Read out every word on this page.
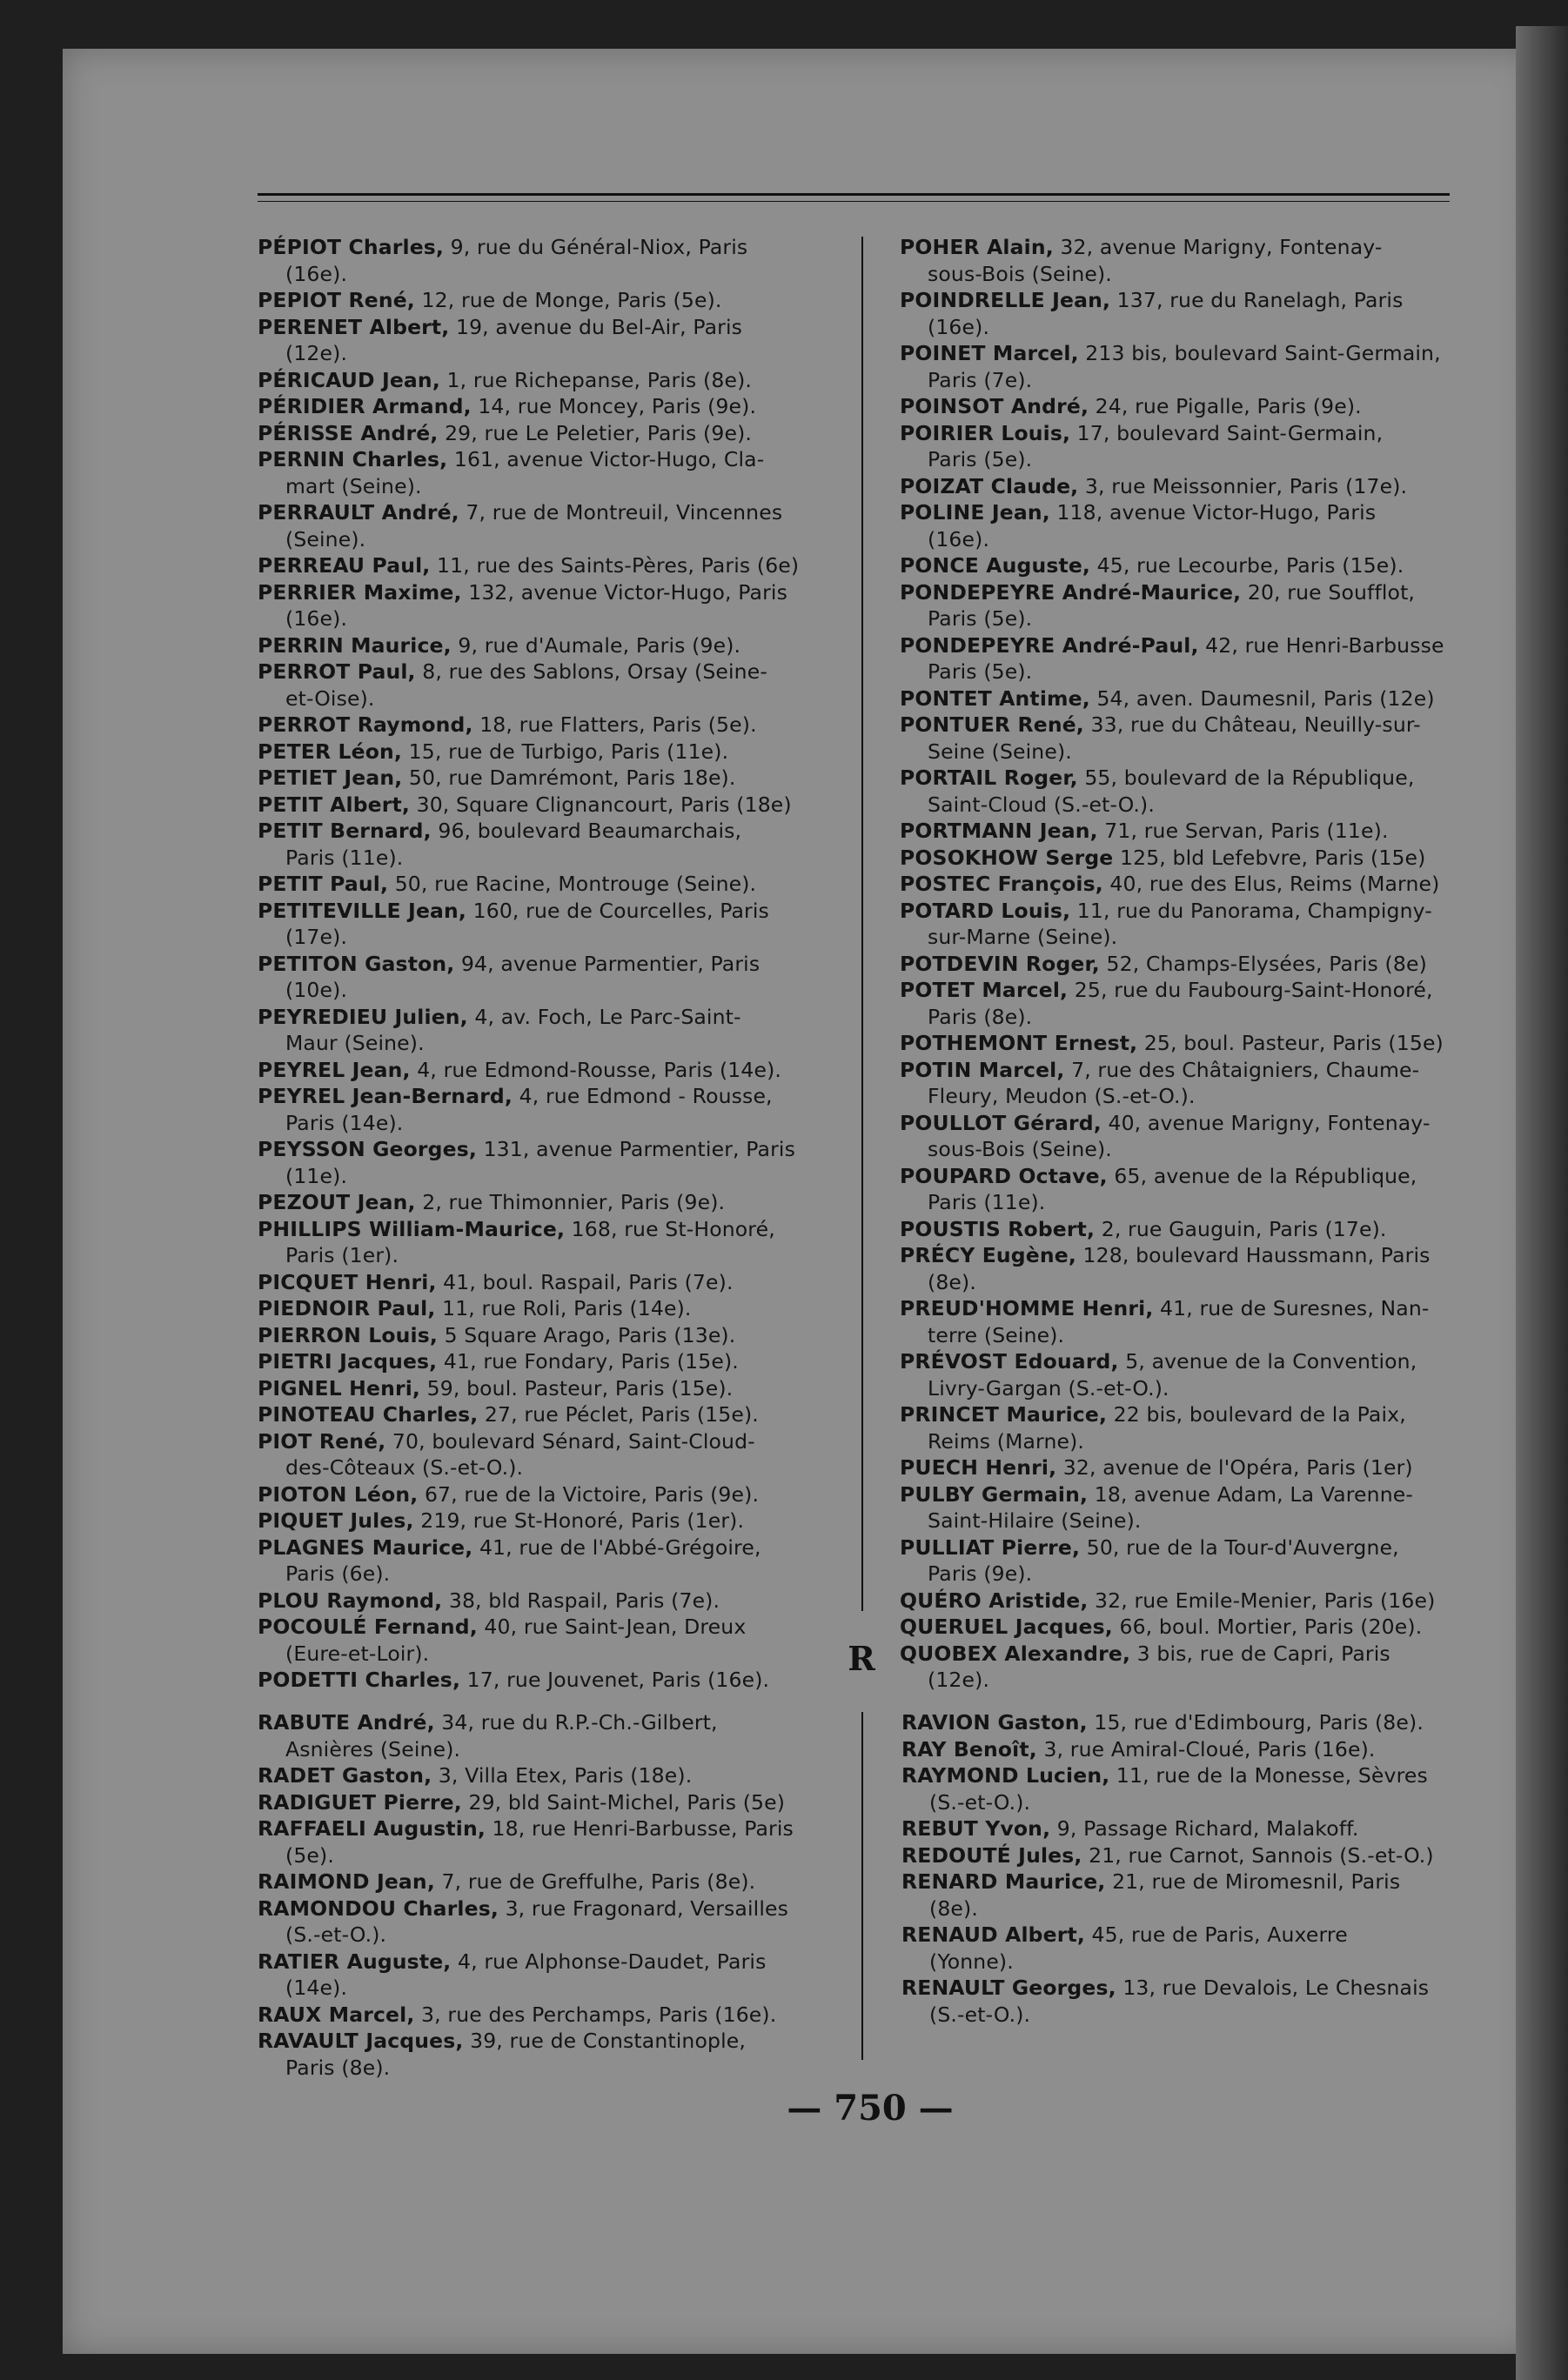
PÉPIOT Charles, 9, rue du Général-Niox, Paris
(16e).
PEPIOT René, 12, rue de Monge, Paris (5e).
PERENET Albert, 19, avenue du Bel-Air, Paris
(12e).
PÉRICAUD Jean, 1, rue Richepanse, Paris (8e).
PÉRIDIER Armand, 14, rue Moncey, Paris (9e).
PÉRISSE André, 29, rue Le Peletier, Paris (9e).
PERNIN Charles, 161, avenue Victor-Hugo, Cla-
mart (Seine).
PERRAULT André, 7, rue de Montreuil, Vincennes
(Seine).
PERREAU Paul, 11, rue des Saints-Pères, Paris (6e)
PERRIER Maxime, 132, avenue Victor-Hugo, Paris
(16e).
PERRIN Maurice, 9, rue d'Aumale, Paris (9e).
PERROT Paul, 8, rue des Sablons, Orsay (Seine-
et-Oise).
PERROT Raymond, 18, rue Flatters, Paris (5e).
PETER Léon, 15, rue de Turbigo, Paris (11e).
PETIET Jean, 50, rue Damrémont, Paris 18e).
PETIT Albert, 30, Square Clignancourt, Paris (18e)
PETIT Bernard, 96, boulevard Beaumarchais,
Paris (11e).
PETIT Paul, 50, rue Racine, Montrouge (Seine).
PETITEVILLE Jean, 160, rue de Courcelles, Paris
(17e).
PETITON Gaston, 94, avenue Parmentier, Paris
(10e).
PEYREDIEU Julien, 4, av. Foch, Le Parc-Saint-
Maur (Seine).
PEYREL Jean, 4, rue Edmond-Rousse, Paris (14e).
PEYREL Jean-Bernard, 4, rue Edmond - Rousse,
Paris (14e).
PEYSSON Georges, 131, avenue Parmentier, Paris
(11e).
PEZOUT Jean, 2, rue Thimonnier, Paris (9e).
PHILLIPS William-Maurice, 168, rue St-Honoré,
Paris (1er).
PICQUET Henri, 41, boul. Raspail, Paris (7e).
PIEDNOIR Paul, 11, rue Roli, Paris (14e).
PIERRON Louis, 5 Square Arago, Paris (13e).
PIETRI Jacques, 41, rue Fondary, Paris (15e).
PIGNEL Henri, 59, boul. Pasteur, Paris (15e).
PINOTEAU Charles, 27, rue Péclet, Paris (15e).
PIOT René, 70, boulevard Sénard, Saint-Cloud-
des-Côteaux (S.-et-O.).
PIOTON Léon, 67, rue de la Victoire, Paris (9e).
PIQUET Jules, 219, rue St-Honoré, Paris (1er).
PLAGNES Maurice, 41, rue de l'Abbé-Grégoire,
Paris (6e).
PLOU Raymond, 38, bld Raspail, Paris (7e).
POCOULÉ Fernand, 40, rue Saint-Jean, Dreux
(Eure-et-Loir).
PODETTI Charles, 17, rue Jouvenet, Paris (16e).
POHER Alain, 32, avenue Marigny, Fontenay-
sous-Bois (Seine).
POINDRELLE Jean, 137, rue du Ranelagh, Paris
(16e).
POINET Marcel, 213 bis, boulevard Saint-Germain,
Paris (7e).
POINSOT André, 24, rue Pigalle, Paris (9e).
POIRIER Louis, 17, boulevard Saint-Germain,
Paris (5e).
POIZAT Claude, 3, rue Meissonnier, Paris (17e).
POLINE Jean, 118, avenue Victor-Hugo, Paris
(16e).
PONCE Auguste, 45, rue Lecourbe, Paris (15e).
PONDEPEYRE André-Maurice, 20, rue Soufflot,
Paris (5e).
PONDEPEYRE André-Paul, 42, rue Henri-Barbusse
Paris (5e).
PONTET Antime, 54, aven. Daumesnil, Paris (12e)
PONTUER René, 33, rue du Château, Neuilly-sur-
Seine (Seine).
PORTAIL Roger, 55, boulevard de la République,
Saint-Cloud (S.-et-O.).
PORTMANN Jean, 71, rue Servan, Paris (11e).
POSOKHOW Serge 125, bld Lefebvre, Paris (15e)
POSTEC François, 40, rue des Elus, Reims (Marne)
POTARD Louis, 11, rue du Panorama, Champigny-
sur-Marne (Seine).
POTDEVIN Roger, 52, Champs-Elysées, Paris (8e)
POTET Marcel, 25, rue du Faubourg-Saint-Honoré,
Paris (8e).
POTHEMONT Ernest, 25, boul. Pasteur, Paris (15e)
POTIN Marcel, 7, rue des Châtaigniers, Chaume-
Fleury, Meudon (S.-et-O.).
POULLOT Gérard, 40, avenue Marigny, Fontenay-
sous-Bois (Seine).
POUPARD Octave, 65, avenue de la République,
Paris (11e).
POUSTIS Robert, 2, rue Gauguin, Paris (17e).
PRÉCY Eugène, 128, boulevard Haussmann, Paris
(8e).
PREUD'HOMME Henri, 41, rue de Suresnes, Nan-
terre (Seine).
PRÉVOST Edouard, 5, avenue de la Convention,
Livry-Gargan (S.-et-O.).
PRINCET Maurice, 22 bis, boulevard de la Paix,
Reims (Marne).
PUECH Henri, 32, avenue de l'Opéra, Paris (1er)
PULBY Germain, 18, avenue Adam, La Varenne-
Saint-Hilaire (Seine).
PULLIAT Pierre, 50, rue de la Tour-d'Auvergne,
Paris (9e).
QUÉRO Aristide, 32, rue Emile-Menier, Paris (16e)
QUERUEL Jacques, 66, boul. Mortier, Paris (20e).
QUOBEX Alexandre, 3 bis, rue de Capri, Paris
(12e).
R
RABUTE André, 34, rue du R.P.-Ch.-Gilbert,
Asnières (Seine).
RADET Gaston, 3, Villa Etex, Paris (18e).
RADIGUET Pierre, 29, bld Saint-Michel, Paris (5e)
RAFFAELI Augustin, 18, rue Henri-Barbusse, Paris
(5e).
RAIMOND Jean, 7, rue de Greffulhe, Paris (8e).
RAMONDOU Charles, 3, rue Fragonard, Versailles
(S.-et-O.).
RATIER Auguste, 4, rue Alphonse-Daudet, Paris
(14e).
RAUX Marcel, 3, rue des Perchamps, Paris (16e).
RAVAULT Jacques, 39, rue de Constantinople,
Paris (8e).
RAVION Gaston, 15, rue d'Edimbourg, Paris (8e).
RAY Benoît, 3, rue Amiral-Cloué, Paris (16e).
RAYMOND Lucien, 11, rue de la Monesse, Sèvres
(S.-et-O.).
REBUT Yvon, 9, Passage Richard, Malakoff.
REDOUTÉ Jules, 21, rue Carnot, Sannois (S.-et-O.)
RENARD Maurice, 21, rue de Miromesnil, Paris
(8e).
RENAUD Albert, 45, rue de Paris, Auxerre
(Yonne).
RENAULT Georges, 13, rue Devalois, Le Chesnais
(S.-et-O.).
— 750 —
